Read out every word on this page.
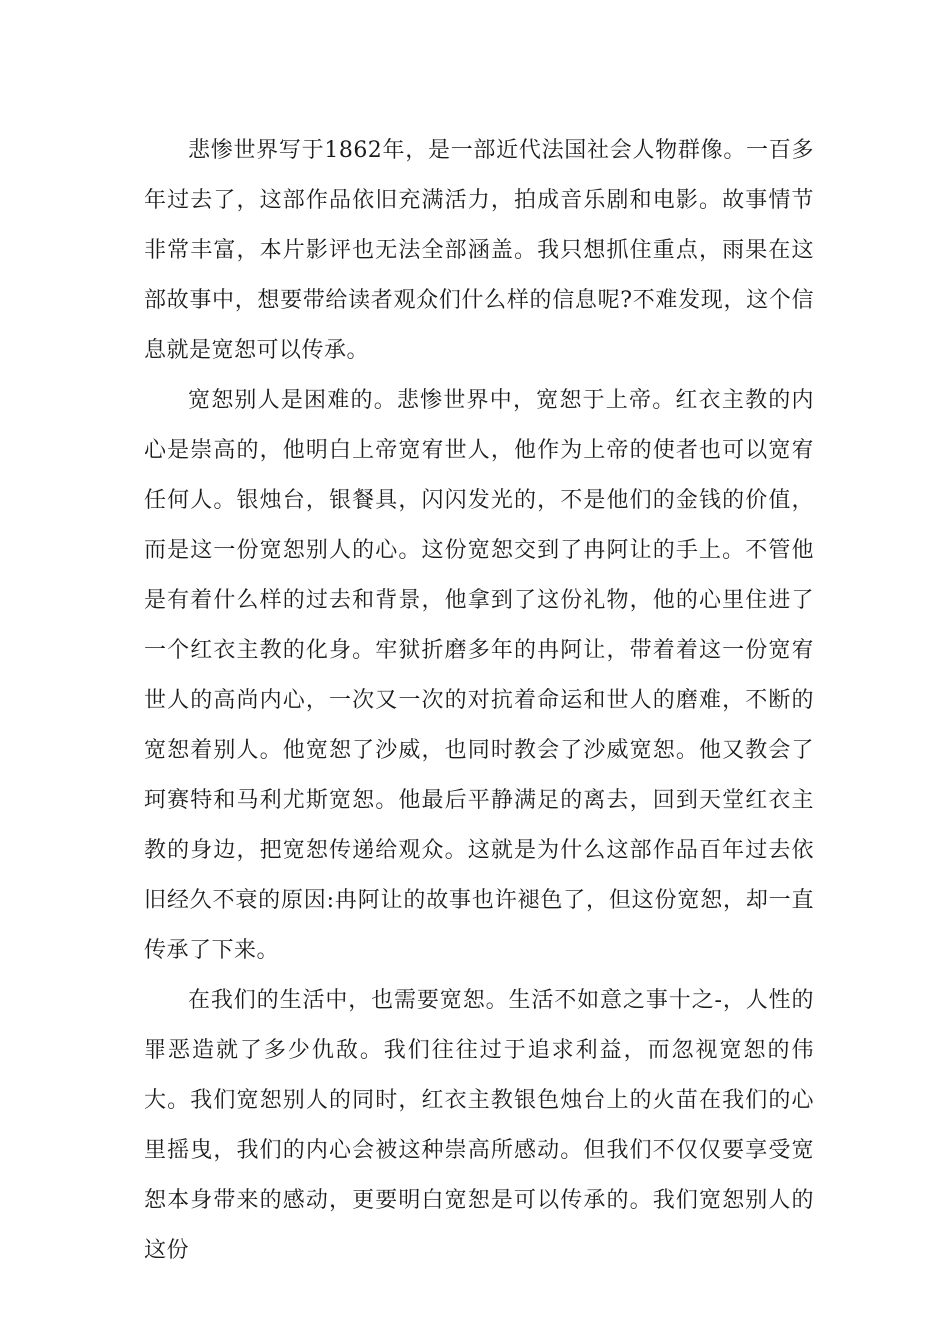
悲惨世界写于1862年，是一部近代法国社会人物群像。一百多年过去了，这部作品依旧充满活力，拍成音乐剧和电影。故事情节非常丰富，本片影评也无法全部涵盖。我只想抓住重点，雨果在这部故事中，想要带给读者观众们什么样的信息呢?不难发现，这个信息就是宽恕可以传承。

宽恕别人是困难的。悲惨世界中，宽恕于上帝。红衣主教的内心是崇高的，他明白上帝宽宥世人，他作为上帝的使者也可以宽宥任何人。银烛台，银餐具，闪闪发光的，不是他们的金钱的价值，而是这一份宽恕别人的心。这份宽恕交到了冉阿让的手上。不管他是有着什么样的过去和背景，他拿到了这份礼物，他的心里住进了一个红衣主教的化身。牢狱折磨多年的冉阿让，带着着这一份宽宥世人的高尚内心，一次又一次的对抗着命运和世人的磨难，不断的宽恕着别人。他宽恕了沙威，也同时教会了沙威宽恕。他又教会了珂赛特和马利尤斯宽恕。他最后平静满足的离去，回到天堂红衣主教的身边，把宽恕传递给观众。这就是为什么这部作品百年过去依旧经久不衰的原因:冉阿让的故事也许褪色了，但这份宽恕，却一直传承了下来。

在我们的生活中，也需要宽恕。生活不如意之事十之-，人性的罪恶造就了多少仇敌。我们往往过于追求利益，而忽视宽恕的伟大。我们宽恕别人的同时，红衣主教银色烛台上的火苗在我们的心里摇曳，我们的内心会被这种崇高所感动。但我们不仅仅要享受宽恕本身带来的感动，更要明白宽恕是可以传承的。我们宽恕别人的这份
